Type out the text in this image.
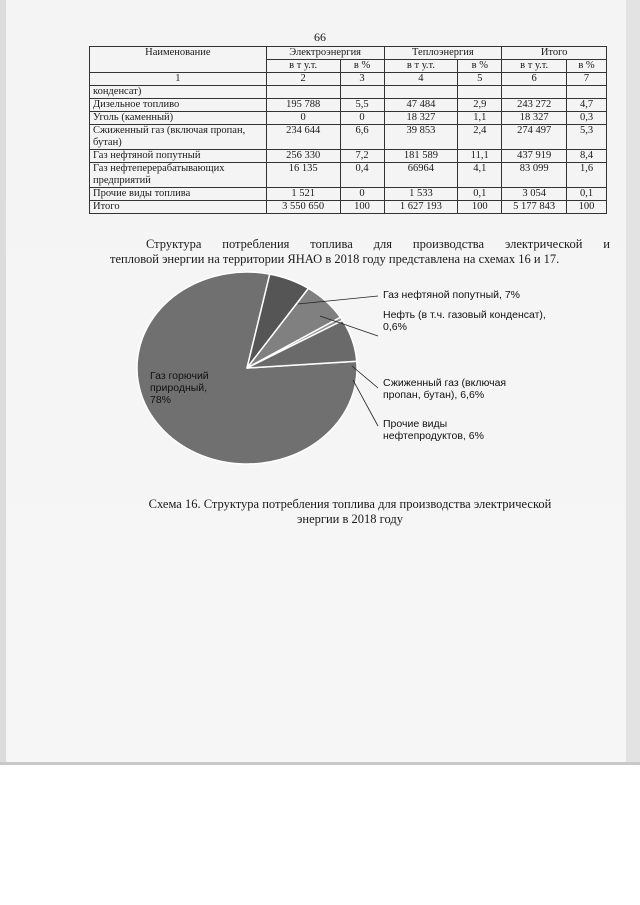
66
Наименование	Электроэнергия		Теплоэнергия		Итого	
	в т у.т.	в %	в т у.т.	в %	в т у.т.	в %
1	2	3	4	5	6	7
конденсат)						
Дизельное топливо	195 788	5,5	47 484	2,9	243 272	4,7
Уголь (каменный)	0	0	18 327	1,1	18 327	0,3
Сжиженный газ (включая пропан, бутан)	234 644	6,6	39 853	2,4	274 497	5,3
Газ нефтяной попутный	256 330	7,2	181 589	11,1	437 919	8,4
Газ нефтеперерабатывающих предприятий	16 135	0,4	66964	4,1	83 099	1,6
Прочие виды топлива	1 521	0	1 533	0,1	3 054	0,1
Итого	3 550 650	100	1 627 193	100	5 177 843	100
Структура потребления топлива для производства электрической и
тепловой энергии на территории ЯНАО в 2018 году представлена на схемах 16 и 17.
Газ горючий
природный,
78%
Прочие виды
нефтепродуктов, 6%
Сжиженный газ (включая
пропан, бутан), 6,6%
Нефть (в т.ч. газовый конденсат),
0,6%
Газ нефтяной попутный, 7%
Схема 16. Структура потребления топлива для производства электрической
энергии в 2018 году
